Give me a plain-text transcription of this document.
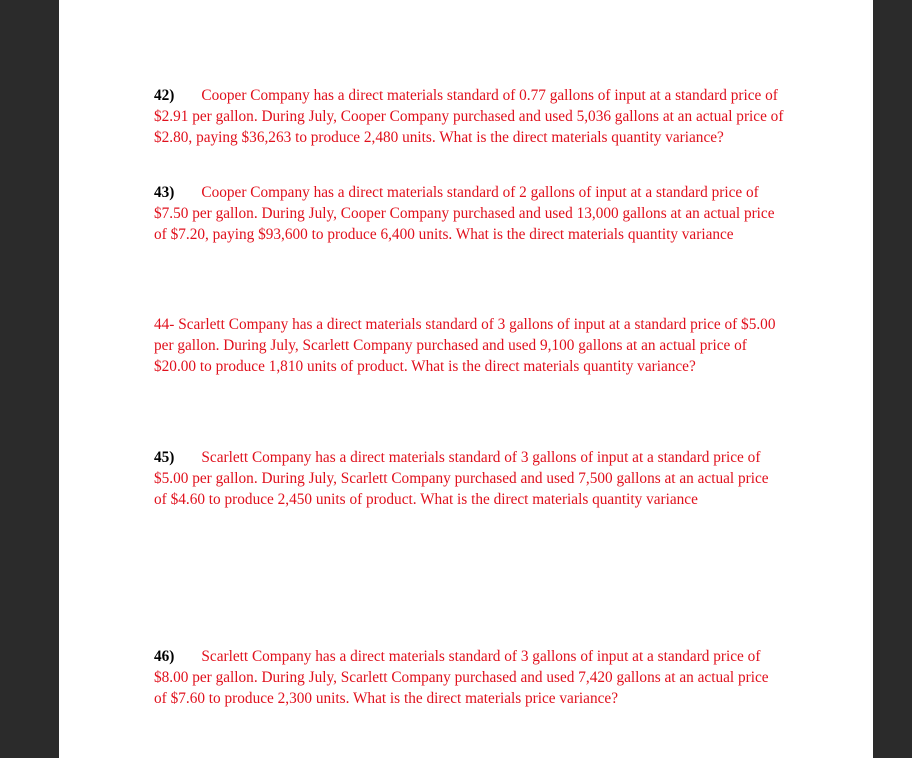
42) Cooper Company has a direct materials standard of 0.77 gallons of input at a standard price of $2.91 per gallon. During July, Cooper Company purchased and used 5,036 gallons at an actual price of $2.80, paying $36,263 to produce 2,480 units. What is the direct materials quantity variance?

43) Cooper Company has a direct materials standard of 2 gallons of input at a standard price of $7.50 per gallon. During July, Cooper Company purchased and used 13,000 gallons at an actual price of $7.20, paying $93,600 to produce 6,400 units. What is the direct materials quantity variance

44- Scarlett Company has a direct materials standard of 3 gallons of input at a standard price of $5.00 per gallon. During July, Scarlett Company purchased and used 9,100 gallons at an actual price of $20.00 to produce 1,810 units of product. What is the direct materials quantity variance?

45) Scarlett Company has a direct materials standard of 3 gallons of input at a standard price of $5.00 per gallon. During July, Scarlett Company purchased and used 7,500 gallons at an actual price of $4.60 to produce 2,450 units of product. What is the direct materials quantity variance

46) Scarlett Company has a direct materials standard of 3 gallons of input at a standard price of $8.00 per gallon. During July, Scarlett Company purchased and used 7,420 gallons at an actual price of $7.60 to produce 2,300 units. What is the direct materials price variance?
